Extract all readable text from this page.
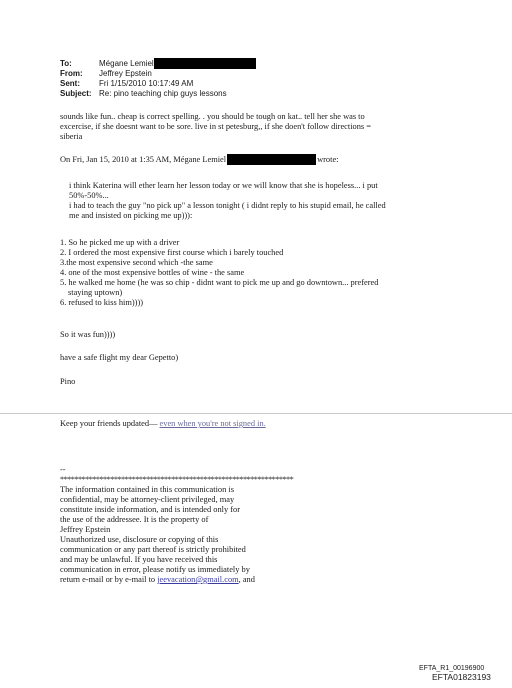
To:	Mégane Lemiel
From:	Jeffrey Epstein
Sent:	Fri 1/15/2010 10:17:49 AM
Subject: Re: pino teaching chip guys lessons
sounds like fun.. cheap is correct spelling. . you should be tough on kat.. tell her she was to
excercise, if she doesnt want to be sore. live in st petesburg,, if she doen't follow directions =
siberia
On Fri, Jan 15, 2010 at 1:35 AM, Mégane Lemiel	wrote:
i think Katerina will ether learn her lesson today or we will know that she is hopeless... i put
50%-50%...
i had to teach the guy "no pick up" a lesson tonight ( i didnt reply to his stupid email, he called
me and insisted on picking me up))):
1. So he picked me up with a driver
2. I ordered the most expensive first course which i barely touched
3.the most expensive second which -the same
4. one of the most expensive bottles of wine - the same
5. he walked me home (he was so chip - didnt want to pick me up and go downtown... prefered
staying uptown)
6. refused to kiss him))))
So it was fun))))
have a safe flight my dear Gepetto)
Pino
Keep your friends updated— even when you're not signed in.
--
*****************************************************************
The information contained in this communication is
confidential, may be attorney-client privileged, may
constitute inside information, and is intended only for
the use of the addressee. It is the property of
Jeffrey Epstein
Unauthorized use, disclosure or copying of this
communication or any part thereof is strictly prohibited
and may be unlawful. If you have received this
communication in error, please notify us immediately by
return e-mail or by e-mail to jeevacation@gmail.com, and
EFTA_R1_00196900
EFTA01823193
